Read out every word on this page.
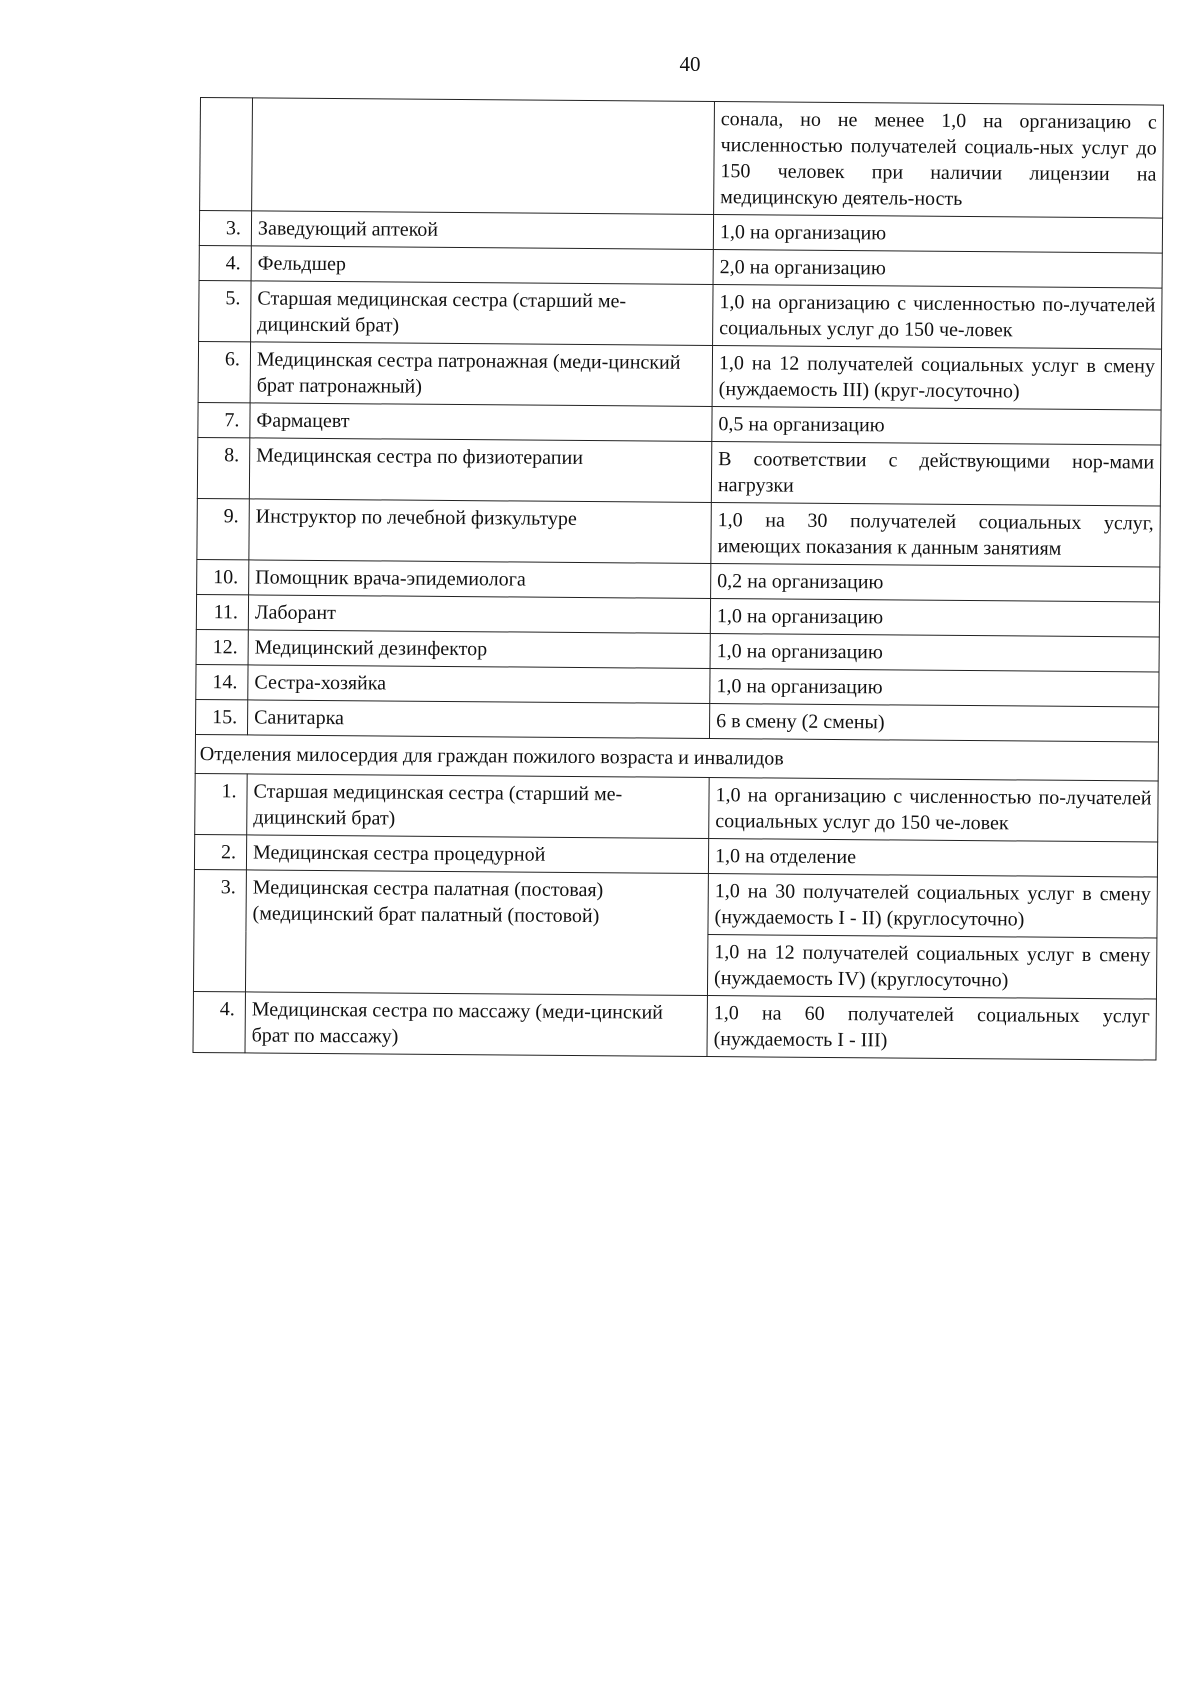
40
		сонала, но не менее 1,0 на организацию с численностью получателей социаль-ных услуг до 150 человек при наличии лицензии на медицинскую деятель-ность
3.	Заведующий аптекой	1,0 на организацию
4.	Фельдшер	2,0 на организацию
5.	Старшая медицинская сестра (старший ме-дицинский брат)	1,0 на организацию с численностью по-лучателей социальных услуг до 150 че-ловек
6.	Медицинская сестра патронажная (меди-цинский брат патронажный)	1,0 на 12 получателей социальных услуг в смену (нуждаемость III) (круг-лосуточно)
7.	Фармацевт	0,5 на организацию
8.	Медицинская сестра по физиотерапии	В соответствии с действующими нор-мами нагрузки
9.	Инструктор по лечебной физкультуре	1,0 на 30 получателей социальных услуг, имеющих показания к данным занятиям
10.	Помощник врача-эпидемиолога	0,2 на организацию
11.	Лаборант	1,0 на организацию
12.	Медицинский дезинфектор	1,0 на организацию
14.	Сестра-хозяйка	1,0 на организацию
15.	Санитарка	6 в смену (2 смены)
Отделения милосердия для граждан пожилого возраста и инвалидов		
1.	Старшая медицинская сестра (старший ме-дицинский брат)	1,0 на организацию с численностью по-лучателей социальных услуг до 150 че-ловек
2.	Медицинская сестра процедурной	1,0 на отделение
3.	Медицинская сестра палатная (постовая) (медицинский брат палатный (постовой)	1,0 на 30 получателей социальных услуг в смену (нуждаемость I - II) (круглосуточно)
		1,0 на 12 получателей социальных услуг в смену (нуждаемость IV) (круглосуточно)
4.	Медицинская сестра по массажу (меди-цинский брат по массажу)	1,0 на 60 получателей социальных услуг (нуждаемость I - III)
